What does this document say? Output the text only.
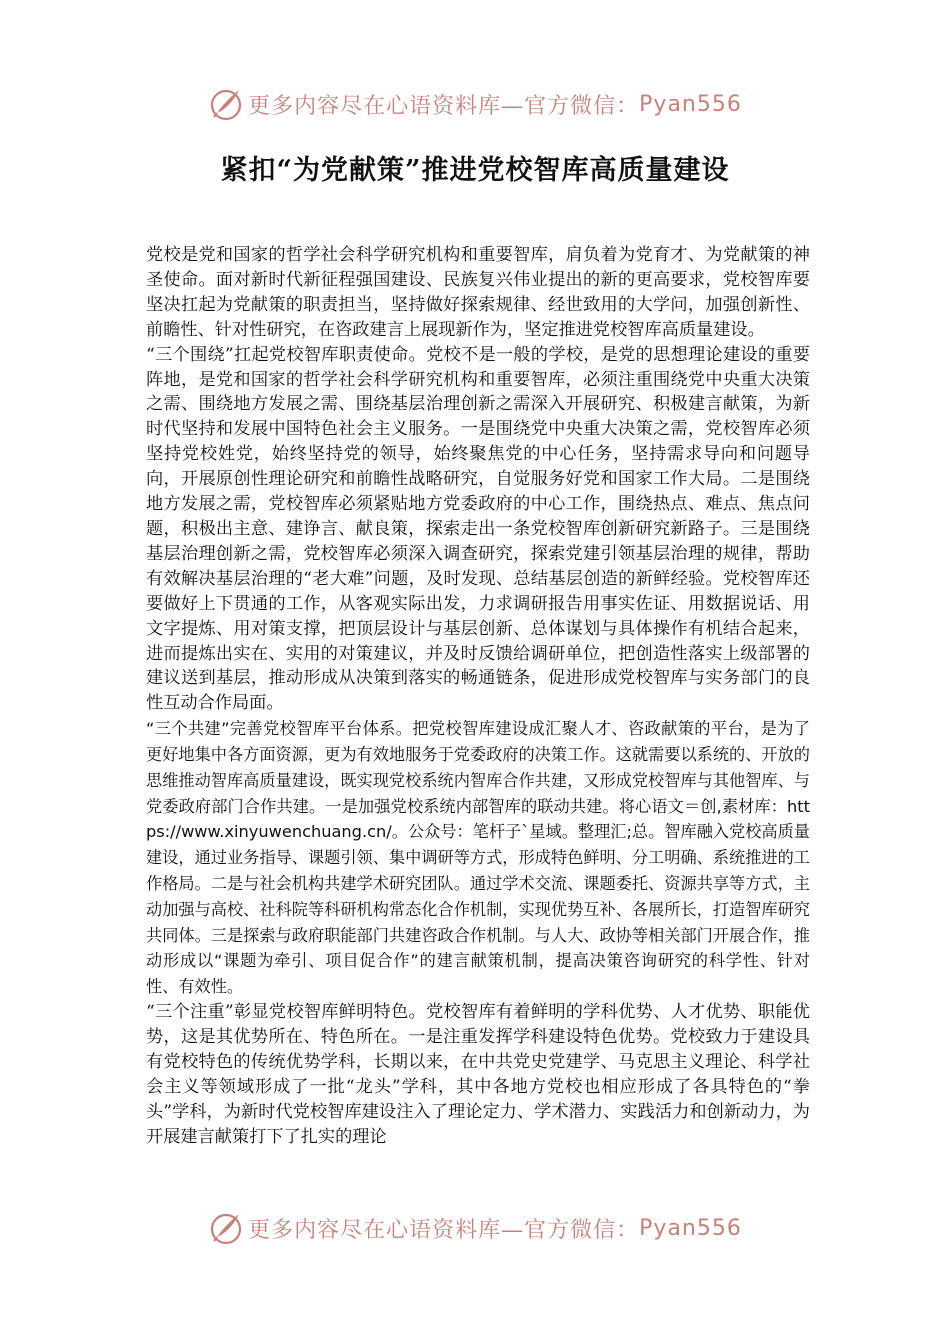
更多内容尽在心语资料库—官方微信： Pyan556
紧扣“为党献策”推进党校智库高质量建设

党校是党和国家的哲学社会科学研究机构和重要智库，肩负着为党育才、为党献策的神圣使命。面对新时代新征程强国建设、民族复兴伟业提出的新的更高要求，党校智库要坚决扛起为党献策的职责担当，坚持做好探索规律、经世致用的大学问，加强创新性、前瞻性、针对性研究，在咨政建言上展现新作为，坚定推进党校智库高质量建设。

“三个围绕”扛起党校智库职责使命。党校不是一般的学校，是党的思想理论建设的重要阵地，是党和国家的哲学社会科学研究机构和重要智库，必须注重围绕党中央重大决策之需、围绕地方发展之需、围绕基层治理创新之需深入开展研究、积极建言献策，为新时代坚持和发展中国特色社会主义服务。一是围绕党中央重大决策之需，党校智库必须坚持党校姓党，始终坚持党的领导，始终聚焦党的中心任务，坚持需求导向和问题导向，开展原创性理论研究和前瞻性战略研究，自觉服务好党和国家工作大局。二是围绕地方发展之需，党校智库必须紧贴地方党委政府的中心工作，围绕热点、难点、焦点问题，积极出主意、建诤言、献良策，探索走出一条党校智库创新研究新路子。三是围绕基层治理创新之需，党校智库必须深入调查研究，探索党建引领基层治理的规律，帮助有效解决基层治理的“老大难”问题，及时发现、总结基层创造的新鲜经验。党校智库还要做好上下贯通的工作，从客观实际出发，力求调研报告用事实佐证、用数据说话、用文字提炼、用对策支撑，把顶层设计与基层创新、总体谋划与具体操作有机结合起来，进而提炼出实在、实用的对策建议，并及时反馈给调研单位，把创造性落实上级部署的建议送到基层，推动形成从决策到落实的畅通链条，促进形成党校智库与实务部门的良性互动合作局面。

“三个共建”完善党校智库平台体系。把党校智库建设成汇聚人才、咨政献策的平台，是为了更好地集中各方面资源，更为有效地服务于党委政府的决策工作。这就需要以系统的、开放的思维推动智库高质量建设，既实现党校系统内智库合作共建，又形成党校智库与其他智库、与党委政府部门合作共建。一是加强党校系统内部智库的联动共建。将心语文＝创,素材库：https://www.xinyuwenchuang.cn/。公众号：笔杆子`星域。整理汇;总。智库融入党校高质量建设，通过业务指导、课题引领、集中调研等方式，形成特色鲜明、分工明确、系统推进的工作格局。二是与社会机构共建学术研究团队。通过学术交流、课题委托、资源共享等方式，主动加强与高校、社科院等科研机构常态化合作机制，实现优势互补、各展所长，打造智库研究共同体。三是探索与政府职能部门共建咨政合作机制。与人大、政协等相关部门开展合作，推动形成以“课题为牵引、项目促合作”的建言献策机制，提高决策咨询研究的科学性、针对性、有效性。

“三个注重”彰显党校智库鲜明特色。党校智库有着鲜明的学科优势、人才优势、职能优势，这是其优势所在、特色所在。一是注重发挥学科建设特色优势。党校致力于建设具有党校特色的传统优势学科，长期以来，在中共党史党建学、马克思主义理论、科学社会主义等领域形成了一批“龙头”学科，其中各地方党校也相应形成了各具特色的“拳头”学科，为新时代党校智库建设注入了理论定力、学术潜力、实践活力和创新动力，为开展建言献策打下了扎实的理论

更多内容尽在心语资料库—官方微信： Pyan556
